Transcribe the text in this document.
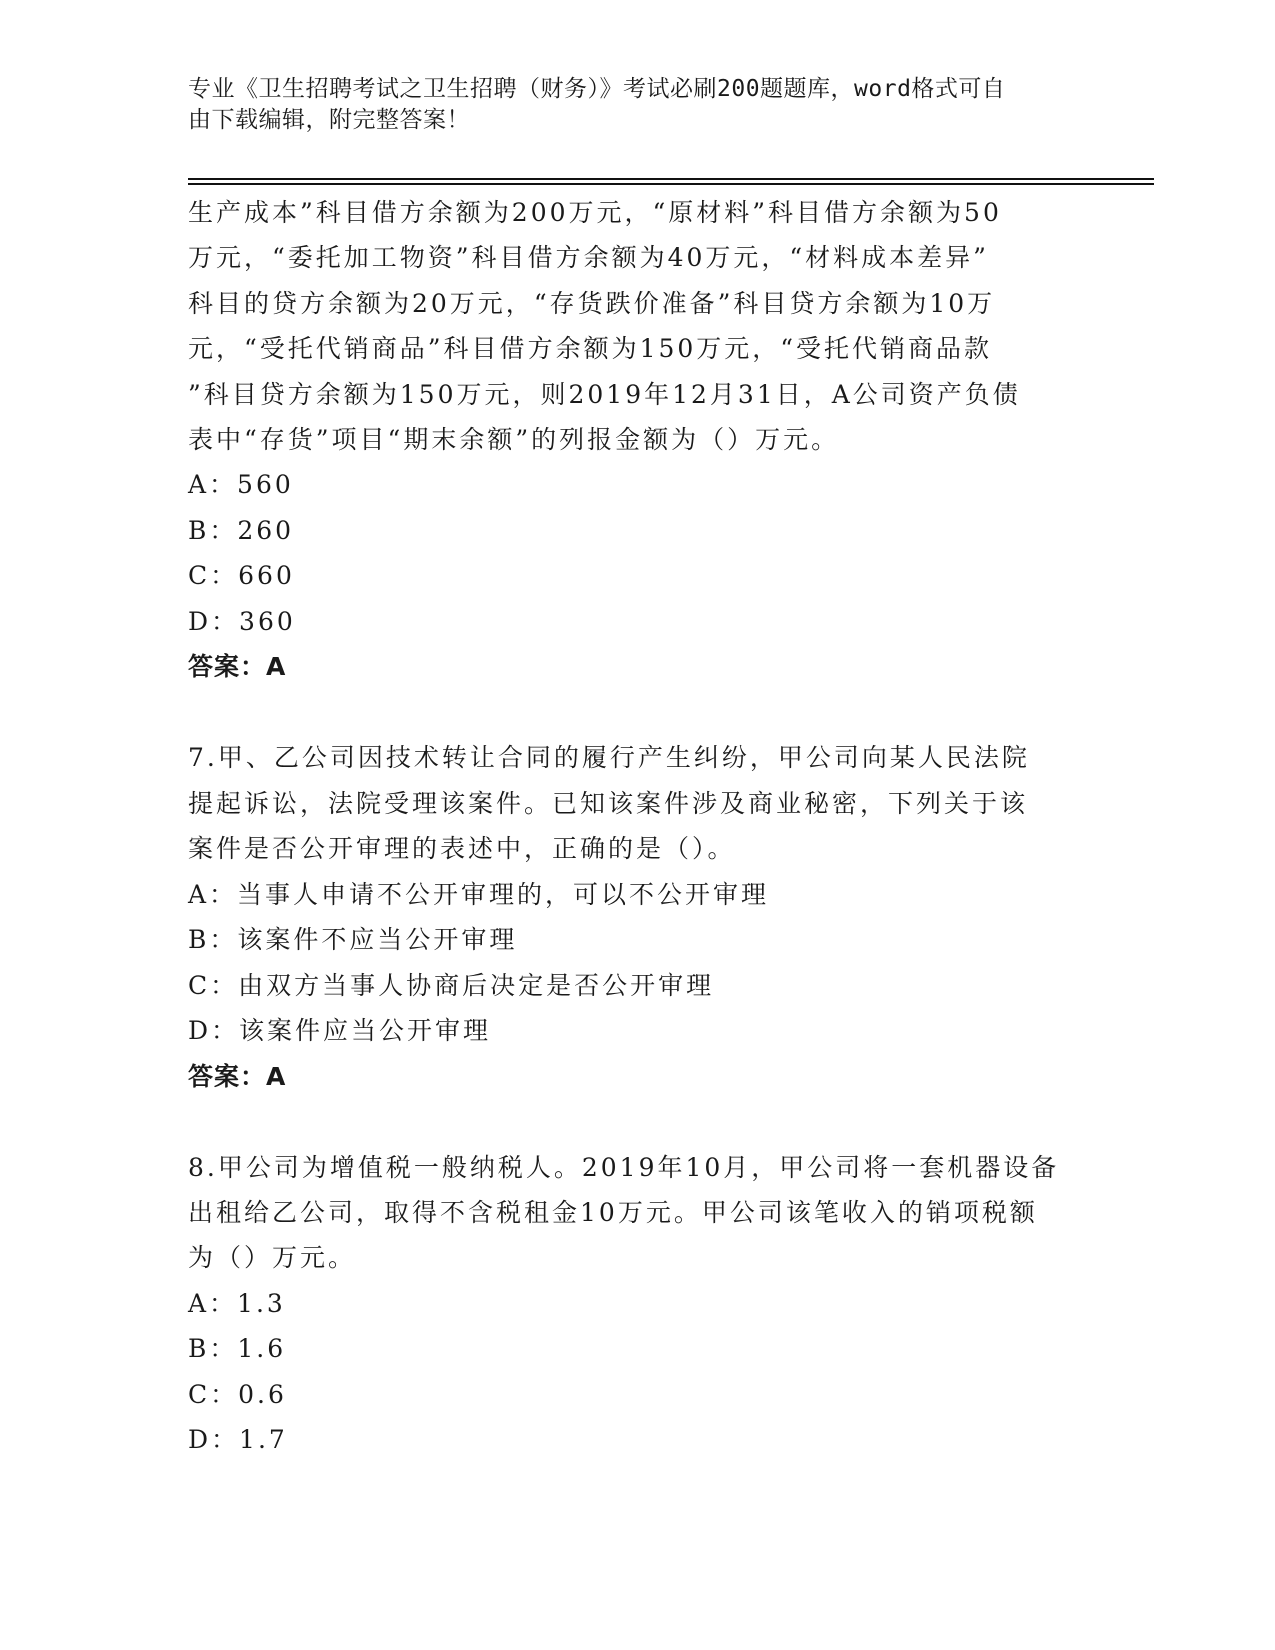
专业《卫生招聘考试之卫生招聘（财务）》考试必刷200题题库，word格式可自
由下载编辑，附完整答案！
生产成本”科目借方余额为200万元，“原材料”科目借方余额为50
万元，“委托加工物资”科目借方余额为40万元，“材料成本差异”
科目的贷方余额为20万元，“存货跌价准备”科目贷方余额为10万
元，“受托代销商品”科目借方余额为150万元，“受托代销商品款
”科目贷方余额为150万元，则2019年12月31日，A公司资产负债
表中“存货”项目“期末余额”的列报金额为（）万元。
A：560
B：260
C：660
D：360
答案：A
7.甲、乙公司因技术转让合同的履行产生纠纷，甲公司向某人民法院
提起诉讼，法院受理该案件。已知该案件涉及商业秘密，下列关于该
案件是否公开审理的表述中，正确的是（）。
A：当事人申请不公开审理的，可以不公开审理
B：该案件不应当公开审理
C：由双方当事人协商后决定是否公开审理
D：该案件应当公开审理
答案：A
8.甲公司为增值税一般纳税人。2019年10月，甲公司将一套机器设备
出租给乙公司，取得不含税租金10万元。甲公司该笔收入的销项税额
为（）万元。
A：1.3
B：1.6
C：0.6
D：1.7
